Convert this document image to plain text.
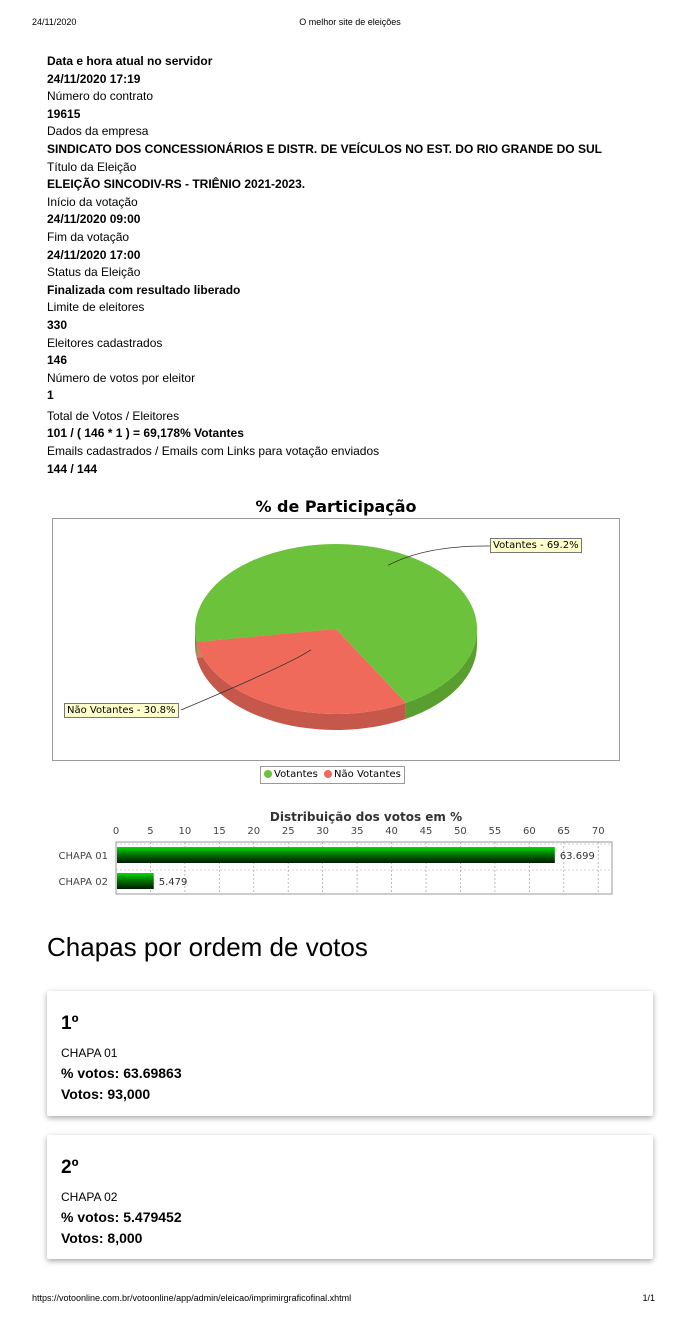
24/11/2020	O melhor site de eleições
Data e hora atual no servidor
24/11/2020 17:19
Número do contrato
19615
Dados da empresa
SINDICATO DOS CONCESSIONÁRIOS E DISTR. DE VEÍCULOS NO EST. DO RIO GRANDE DO SUL
Título da Eleição
ELEIÇÃO SINCODIV-RS - TRIÊNIO 2021-2023.
Início da votação
24/11/2020 09:00
Fim da votação
24/11/2020 17:00
Status da Eleição
Finalizada com resultado liberado
Limite de eleitores
330
Eleitores cadastrados
146
Número de votos por eleitor
1
Total de Votos / Eleitores
101 / ( 146 * 1 ) = 69,178% Votantes
Emails cadastrados / Emails com Links para votação enviados
144 / 144
% de Participação
Votantes - 69.2%
Não Votantes - 30.8%
Votantes Não Votantes
Distribuição dos votos em %
0	5 10 15 20 25 30 35 40 45 50 55 60 65 70
CHAPA 01	63.699
CHAPA 02	5.479
Chapas por ordem de votos
1º
CHAPA 01
% votos: 63.69863
Votos: 93,000
2º
CHAPA 02
% votos: 5.479452
Votos: 8,000
https://votoonline.com.br/votoonline/app/admin/eleicao/imprimirgraficofinal.xhtml	1/1
